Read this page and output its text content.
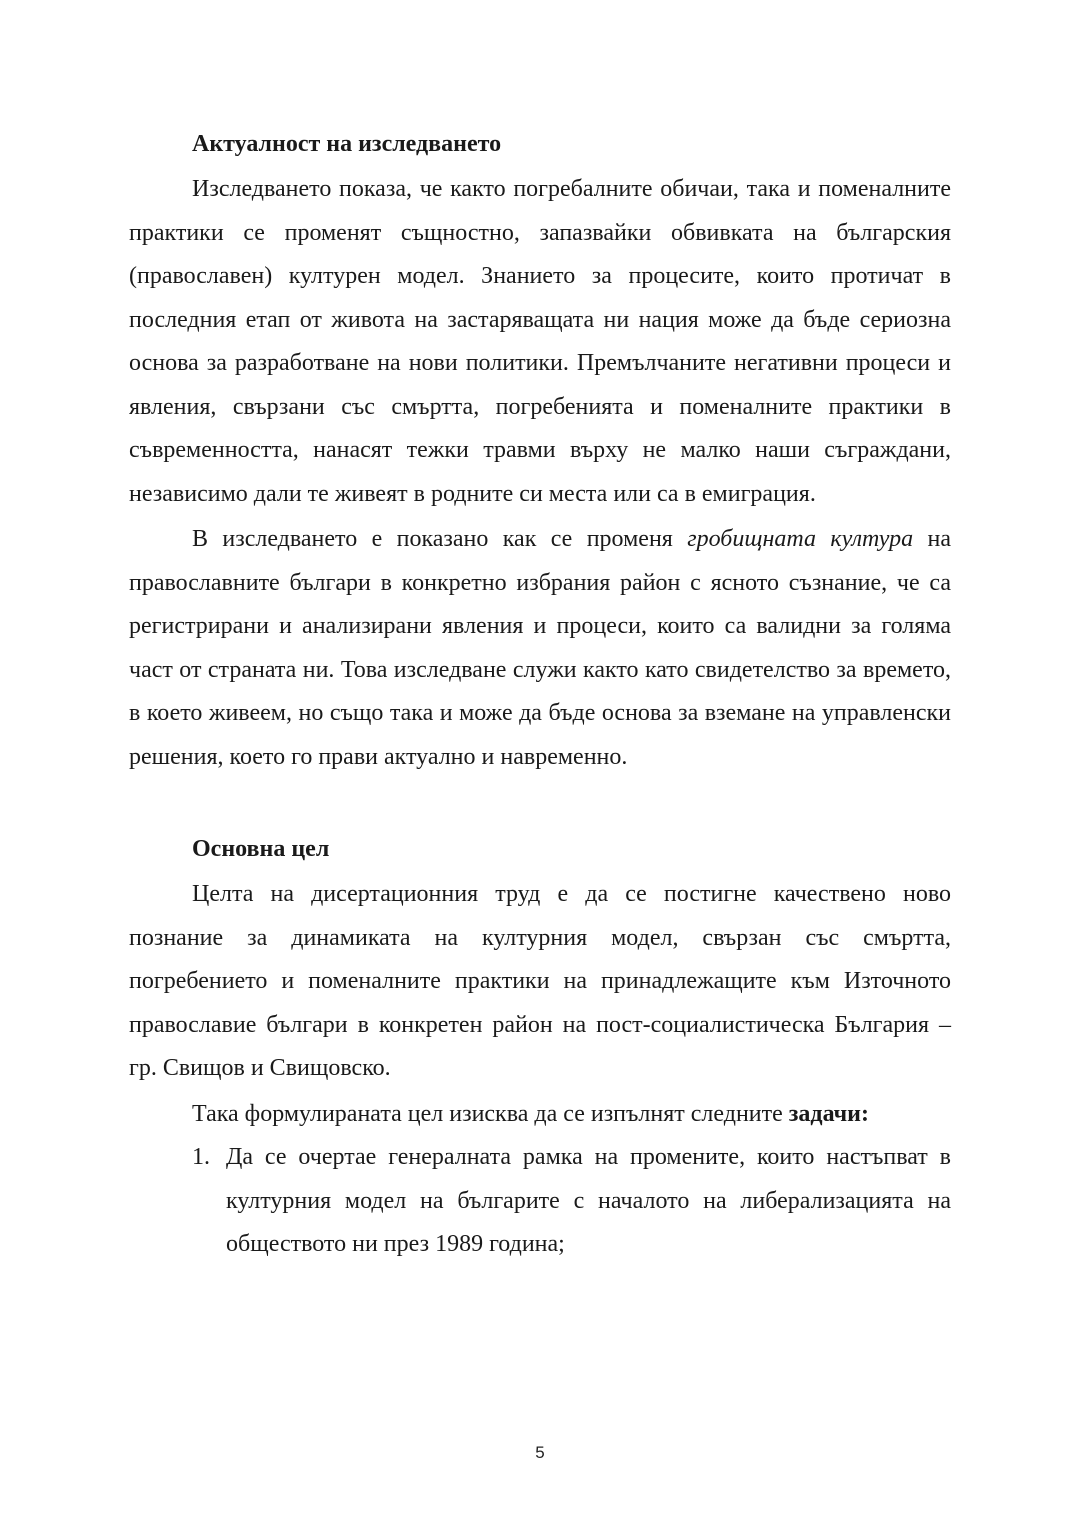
Актуалност на изследването

Изследването показа, че както погребалните обичаи, така и поменалните практики се променят същностно, запазвайки обвивката на българския (православен) културен модел. Знанието за процесите, които протичат в последния етап от живота на застаряващата ни нация може да бъде сериозна основа за разработване на нови политики. Премълчаните негативни процеси и явления, свързани със смъртта, погребенията и поменалните практики в съвременността, нанасят тежки травми върху не малко наши съграждани, независимо дали те живеят в родните си места или са в емиграция.

В изследването е показано как се променя гробищната култура на православните българи в конкретно избрания район с ясното съзнание, че са регистрирани и анализирани явления и процеси, които са валидни за голяма част от страната ни. Това изследване служи както като свидетелство за времето, в което живеем, но също така и може да бъде основа за вземане на управленски решения, което го прави актуално и навременно.

Основна цел

Целта на дисертационния труд е да се постигне качествено ново познание за динамиката на културния модел, свързан със смъртта, погребението и поменалните практики на принадлежащите към Източното православие българи в конкретен район на пост-социалистическа България – гр. Свищов и Свищовско.

Така формулираната цел изисква да се изпълнят следните задачи:

1. Да се очертае генералната рамка на промените, които настъпват в културния модел на българите с началото на либерализацията на обществото ни през 1989 година;
5
